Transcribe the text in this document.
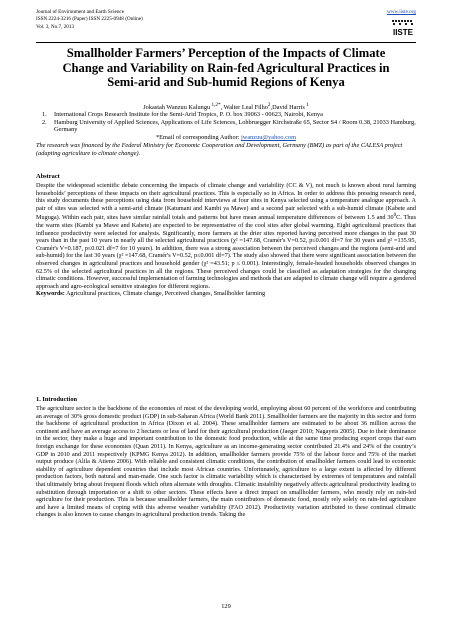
Journal of Environment and Earth Science
ISSN 2224-3216 (Paper) ISSN 2225-0948 (Online)
Vol. 3, No.7, 2013
www.iiste.org
IISTE
Smallholder Farmers’ Perception of the Impacts of Climate Change and Variability on Rain-fed Agricultural Practices in Semi-arid and Sub-humid Regions of Kenya
Jokastah Wanzuu Kalungu $^{1,2*}$, Walter Leal Filho$^2$,David Harris $^1$
1.	International Crops Research Institute for the Semi-Arid Tropics, P. O. box 39063 - 00623, Nairobi, Kenya
2.	Hamburg University of Applied Sciences, Applications of Life Sciences, Lohbruegger Kirchstraße 65, Sector S4 / Room 0.38, 21033 Hamburg, Germany
*Email of corresponding Author: jwanzuu@yahoo.com
The research was financed by the Federal Ministry for Economic Cooperation and Development, Germany (BMZ) as part of the CALESA project (adapting agriculture to climate change).
Abstract
Despite the widespread scientific debate concerning the impacts of climate change and variability (CC & V), not much is known about rural farming households’ perceptions of these impacts on their agricultural practices. This is especially so in Africa. In order to address this pressing research need, this study documents these perceptions using data from household interviews at four sites in Kenya selected using a temperature analogue approach. A pair of sites was selected with a semi-arid climate (Katumani and Kambi ya Mawe) and a second pair selected with a sub-humid climate (Kabete and Muguga). Within each pair, sites have similar rainfall totals and patterns but have mean annual temperature differences of between 1.5 and $30^0C$. Thus the warm sites (Kambi ya Mawe and Kabete) are expected to be representative of the cool sites after global warming. Eight agricultural practices that influence productivity were selected for analysis. Significantly, more farmers at the drier sites reported having perceived more changes in the past 30 years than in the past 10 years in nearly all the selected agricultural practices (χ² =147.68, Cramér's V=0.52, p≤0.001 df=7 for 30 years and χ² =135.95, Cramér's V=0.187, p≤0.021 df=7 for 10 years). In addition, there was a strong association between the perceived changes and the regions (semi-arid and sub-humid) for the last 30 years (χ² =147.68, Cramér's V=0.52, p≤0.001 df=7). The study also showed that there were significant association between the observed changes in agricultural practices and household gender (χ² =43.51; p ≤ 0.001). Interestingly, female-headed households observed changes in 62.5% of the selected agricultural practices in all the regions. These perceived changes could be classified as adaptation strategies for the changing climatic conditions. However, successful implementation of farming technologies and methods that are adapted to climate change will require a gendered approach and agro-ecological sensitive strategies for different regions.
Keywords: Agricultural practices, Climate change, Perceived changes, Smallholder farming
1. Introduction
The agriculture sector is the backbone of the economies of most of the developing world, employing about 60 percent of the workforce and contributing an average of 30% gross domestic product (GDP) in sub-Saharan Africa (World Bank 2011). Smallholder farmers are the majority in this sector and form the backbone of agricultural production in Africa (Dixon et al. 2004). These smallholder farmers are estimated to be about 36 million across the continent and have an average access to 2 hectares or less of land for their agricultural production (Jaeger 2010; Nagayets 2005). Due to their dominance in the sector, they make a huge and important contribution to the domestic food production, while at the same time producing export crops that earn foreign exchange for these economies (Quan 2011). In Kenya, agriculture as an income-generating sector contributed 21.4% and 24% of the country’s GDP in 2010 and 2011 respectively (KPMG Kenya 2012). In addition, smallholder farmers provide 75% of the labour force and 75% of the market output produce (Alila & Atieno 2006). With reliable and consistent climatic conditions, the contribution of smallholder farmers could lead to economic stability of agriculture dependent countries that include most African countries. Unfortunately, agriculture to a large extent is affected by different production factors, both natural and man-made. One such factor is climatic variability which is characterised by extremes of temperatures and rainfall that ultimately bring about frequent floods which often alternate with droughts. Climatic instability negatively affects agricultural productivity leading to substitution through importation or a shift to other sectors. These effects have a direct impact on smallholder farmers, who mostly rely on rain-fed agriculture for their production. This is because smallholder farmers, the main contributors of domestic food, mostly rely solely on rain-fed agriculture and have a limited means of coping with this adverse weather variability (FAO 2012). Productivity variation attributed to these continual climatic changes is also known to cause changes in agricultural production trends. Taking the
129
